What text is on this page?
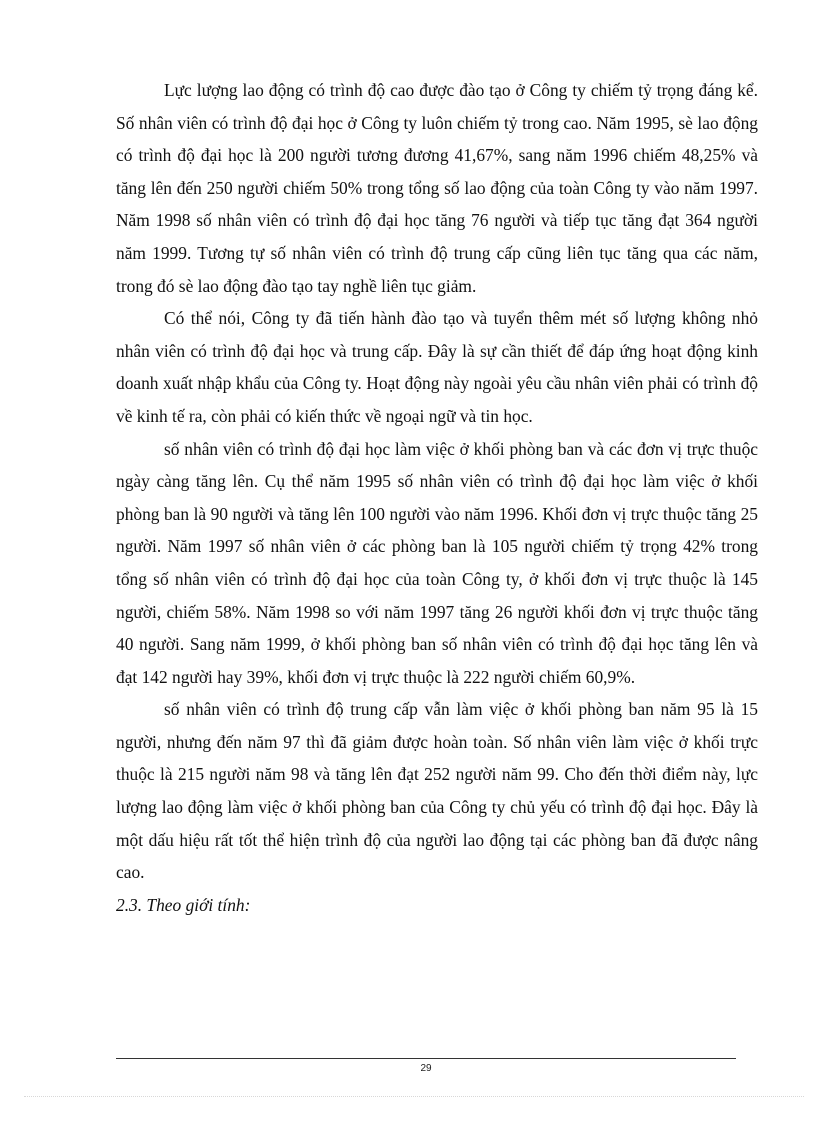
Lực lượng lao động có trình độ cao được đào tạo ở Công ty chiếm tỷ trọng đáng kể. Số nhân viên có trình độ đại học ở Công ty luôn chiếm tỷ trong cao. Năm 1995, sè lao động có trình độ đại học là 200 người tương đương 41,67%, sang năm 1996 chiếm 48,25% và tăng lên đến 250 người chiếm 50% trong tổng số lao động của toàn Công ty vào năm 1997. Năm 1998 số nhân viên có trình độ đại học tăng 76 người và tiếp tục tăng đạt 364 người năm 1999. Tương tự số nhân viên có trình độ trung cấp cũng liên tục tăng qua các năm, trong đó sè lao động đào tạo tay nghề liên tục giảm.

Có thể nói, Công ty đã tiến hành đào tạo và tuyển thêm mét số lượng không nhỏ nhân viên có trình độ đại học và trung cấp. Đây là sự cần thiết để đáp ứng hoạt động kinh doanh xuất nhập khẩu của Công ty. Hoạt động này ngoài yêu cầu nhân viên phải có trình độ về kinh tế ra, còn phải có kiến thức về ngoại ngữ và tin học.

số nhân viên có trình độ đại học làm việc ở khối phòng ban và các đơn vị trực thuộc ngày càng tăng lên. Cụ thể năm 1995 số nhân viên có trình độ đại học làm việc ở khối phòng ban là 90 người và tăng lên 100 người vào năm 1996. Khối đơn vị trực thuộc tăng 25 người. Năm 1997 số nhân viên ở các phòng ban là 105 người chiếm tỷ trọng 42% trong tổng số nhân viên có trình độ đại học của toàn Công ty, ở khối đơn vị trực thuộc là 145 người, chiếm 58%. Năm 1998 so với năm 1997 tăng 26 người khối đơn vị trực thuộc tăng 40 người. Sang năm 1999, ở khối phòng ban số nhân viên có trình độ đại học tăng lên và đạt 142 người hay 39%, khối đơn vị trực thuộc là 222 người chiếm 60,9%.

số nhân viên có trình độ trung cấp vẫn làm việc ở khối phòng ban năm 95 là 15 người, nhưng đến năm 97 thì đã giảm được hoàn toàn. Số nhân viên làm việc ở khối trực thuộc là 215 người năm 98 và tăng lên đạt 252 người năm 99. Cho đến thời điểm này, lực lượng lao động làm việc ở khối phòng ban của Công ty chủ yếu có trình độ đại học. Đây là một dấu hiệu rất tốt thể hiện trình độ của người lao động tại các phòng ban đã được nâng cao.

2.3. Theo giới tính:

29
